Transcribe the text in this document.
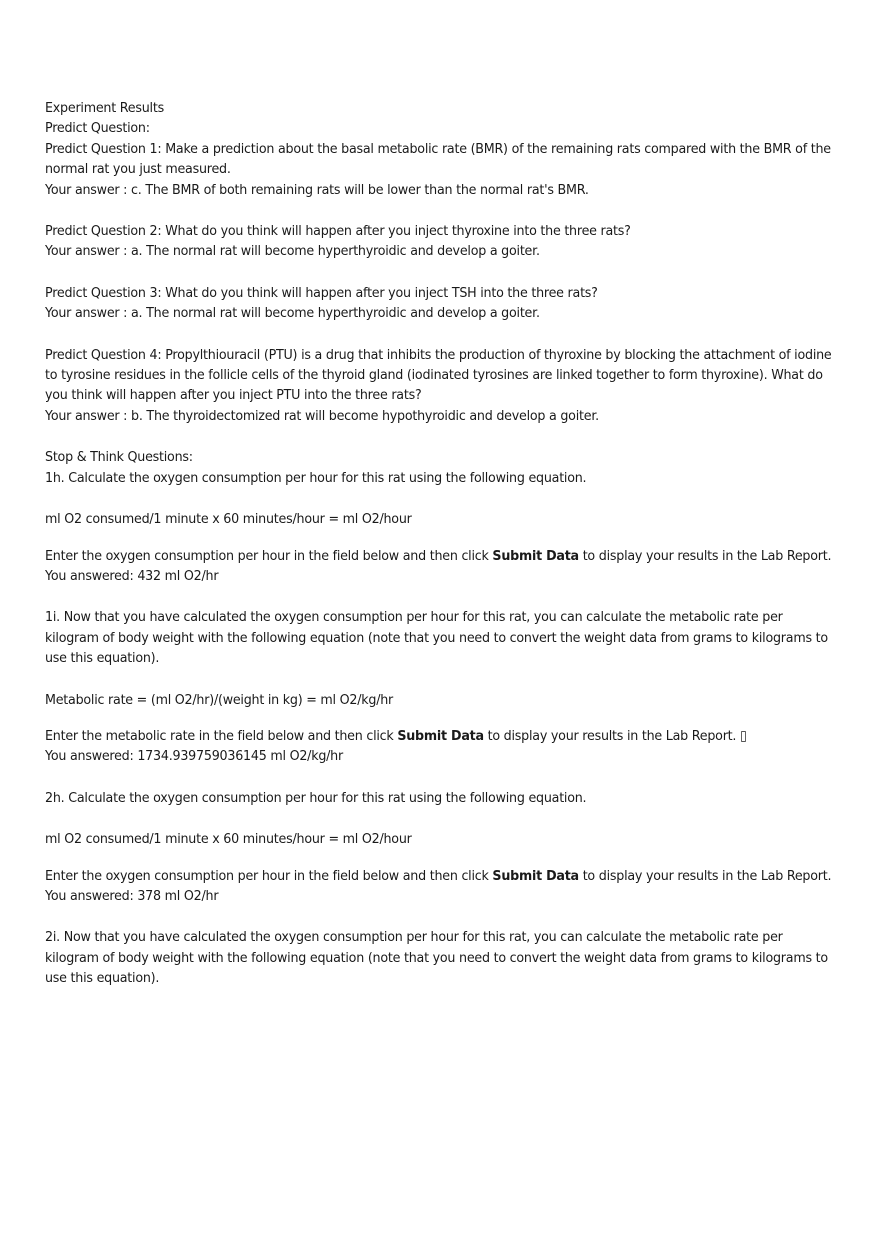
Experiment Results

Predict Question:

Predict Question 1: Make a prediction about the basal metabolic rate (BMR) of the remaining rats compared with the BMR of the normal rat you just measured.

Your answer : c. The BMR of both remaining rats will be lower than the normal rat's BMR.

Predict Question 2: What do you think will happen after you inject thyroxine into the three rats?

Your answer : a. The normal rat will become hyperthyroidic and develop a goiter.

Predict Question 3: What do you think will happen after you inject TSH into the three rats?

Your answer : a. The normal rat will become hyperthyroidic and develop a goiter.

Predict Question 4: Propylthiouracil (PTU) is a drug that inhibits the production of thyroxine by blocking the attachment of iodine to tyrosine residues in the follicle cells of the thyroid gland (iodinated tyrosines are linked together to form thyroxine). What do you think will happen after you inject PTU into the three rats?

Your answer : b. The thyroidectomized rat will become hypothyroidic and develop a goiter.

Stop & Think Questions:

1h. Calculate the oxygen consumption per hour for this rat using the following equation.

ml O2 consumed/1 minute x 60 minutes/hour = ml O2/hour

Enter the oxygen consumption per hour in the field below and then click Submit Data to display your results in the Lab Report.

You answered: 432 ml O2/hr

1i. Now that you have calculated the oxygen consumption per hour for this rat, you can calculate the metabolic rate per kilogram of body weight with the following equation (note that you need to convert the weight data from grams to kilograms to use this equation).

Metabolic rate = (ml O2/hr)/(weight in kg) = ml O2/kg/hr

Enter the metabolic rate in the field below and then click Submit Data to display your results in the Lab Report. ▯

You answered: 1734.939759036145 ml O2/kg/hr

2h. Calculate the oxygen consumption per hour for this rat using the following equation.

ml O2 consumed/1 minute x 60 minutes/hour = ml O2/hour

Enter the oxygen consumption per hour in the field below and then click Submit Data to display your results in the Lab Report.

You answered: 378 ml O2/hr

2i. Now that you have calculated the oxygen consumption per hour for this rat, you can calculate the metabolic rate per kilogram of body weight with the following equation (note that you need to convert the weight data from grams to kilograms to use this equation).
